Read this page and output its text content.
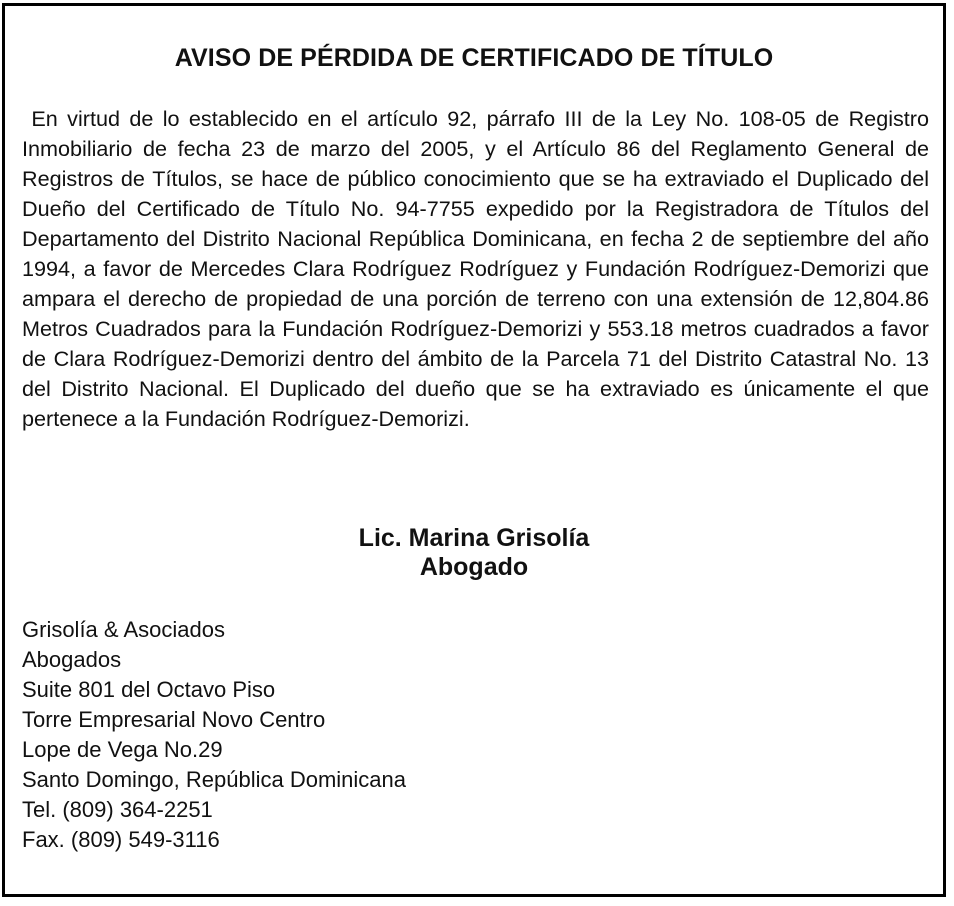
AVISO DE PÉRDIDA DE CERTIFICADO DE TÍTULO

En virtud de lo establecido en el artículo 92, párrafo III de la Ley No. 108-05 de Registro Inmobiliario de fecha 23 de marzo del 2005, y el Artículo 86 del Reglamento General de Registros de Títulos, se hace de público conocimiento que se ha extraviado el Duplicado del Dueño del Certificado de Título No. 94-7755 expedido por la Registradora de Títulos del Departamento del Distrito Nacional República Dominicana, en fecha 2 de septiembre del año 1994, a favor de Mercedes Clara Rodríguez Rodríguez y Fundación Rodríguez-Demorizi que ampara el derecho de propiedad de una porción de terreno con una extensión de 12,804.86 Metros Cuadrados para la Fundación Rodríguez-Demorizi y 553.18 metros cuadrados a favor de Clara Rodríguez-Demorizi dentro del ámbito de la Parcela 71 del Distrito Catastral No. 13 del Distrito Nacional. El Duplicado del dueño que se ha extraviado es únicamente el que pertenece a la Fundación Rodríguez-Demorizi.

Lic. Marina Grisolía
Abogado
Grisolía & Asociados
Abogados
Suite 801 del Octavo Piso
Torre Empresarial Novo Centro
Lope de Vega No.29
Santo Domingo, República Dominicana
Tel. (809) 364-2251
Fax. (809) 549-3116
